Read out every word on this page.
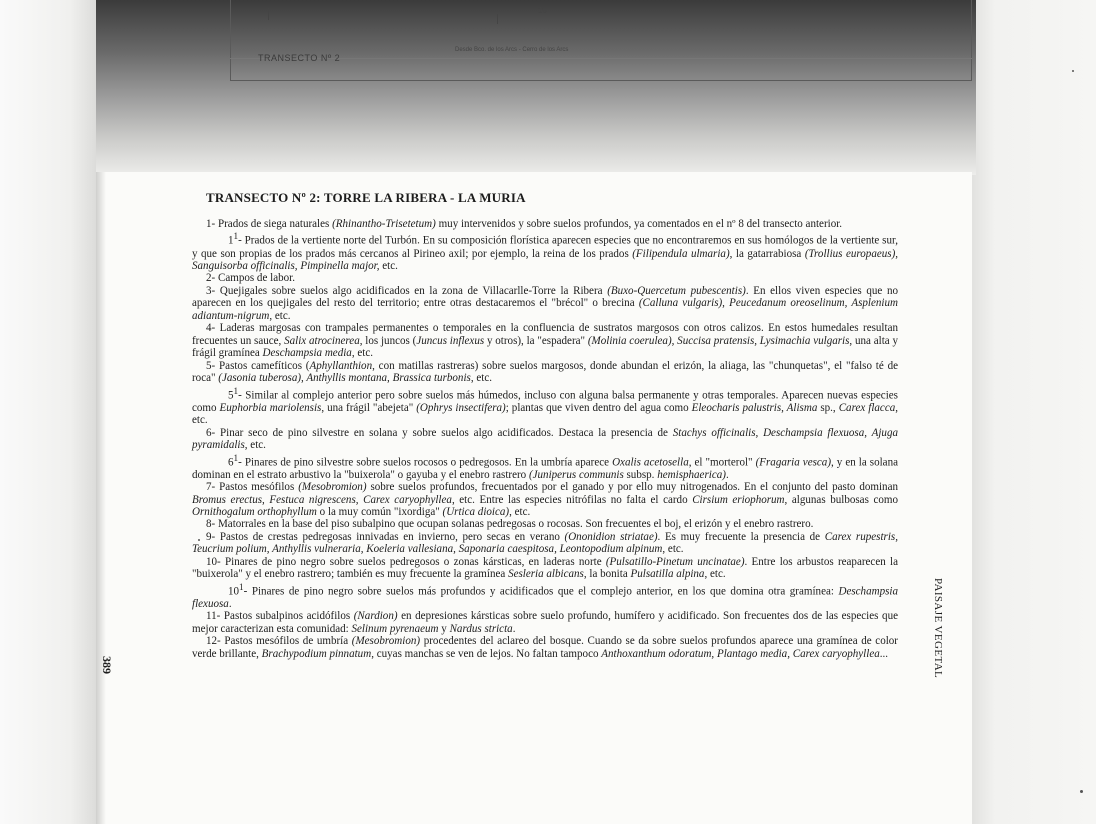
TRANSECTO Nº 2
Desde Bco. de los Arcs - Cerro de los Arcs
10
TRANSECTO Nº 2: TORRE LA RIBERA - LA MURIA

1- Prados de siega naturales (Rhinantho-Trisetetum) muy intervenidos y sobre suelos profundos, ya comentados en el nº 8 del transecto anterior.

$1^1-$ Prados de la vertiente norte del Turbón. En su composición florística aparecen especies que no encontraremos en sus homólogos de la vertiente sur, y que son propias de los prados más cercanos al Pirineo axil; por ejemplo, la reina de los prados (Filipendula ulmaria), la gatarrabiosa (Trollius europaeus), Sanguisorba officinalis, Pimpinella major, etc.

2- Campos de labor.

3- Quejigales sobre suelos algo acidificados en la zona de Villacarlle-Torre la Ribera (Buxo-Quercetum pubescentis). En ellos viven especies que no aparecen en los quejigales del resto del territorio; entre otras destacaremos el "brécol" o brecina (Calluna vulgaris), Peucedanum oreoselinum, Asplenium adiantum-nigrum, etc.

4- Laderas margosas con trampales permanentes o temporales en la confluencia de sustratos margosos con otros calizos. En estos humedales resultan frecuentes un sauce, Salix atrocinerea, los juncos (Juncus inflexus y otros), la "espadera" (Molinia coerulea), Succisa pratensis, Lysimachia vulgaris, una alta y frágil gramínea Deschampsia media, etc.

5- Pastos camefíticos (Aphyllanthion, con matillas rastreras) sobre suelos margosos, donde abundan el erizón, la aliaga, las "chunquetas", el "falso té de roca" (Jasonia tuberosa), Anthyllis montana, Brassica turbonis, etc.

$5^1-$ Similar al complejo anterior pero sobre suelos más húmedos, incluso con alguna balsa permanente y otras temporales. Aparecen nuevas especies como Euphorbia mariolensis, una frágil "abejeta" (Ophrys insectifera); plantas que viven dentro del agua como Eleocharis palustris, Alisma sp., Carex flacca, etc.

6- Pinar seco de pino silvestre en solana y sobre suelos algo acidificados. Destaca la presencia de Stachys officinalis, Deschampsia flexuosa, Ajuga pyramidalis, etc.

$6^1-$ Pinares de pino silvestre sobre suelos rocosos o pedregosos. En la umbría aparece Oxalis acetosella, el "morterol" (Fragaria vesca), y en la solana dominan en el estrato arbustivo la "buixerola" o gayuba y el enebro rastrero (Juniperus communis subsp. hemisphaerica).

7- Pastos mesófilos (Mesobromion) sobre suelos profundos, frecuentados por el ganado y por ello muy nitrogenados. En el conjunto del pasto dominan Bromus erectus, Festuca nigrescens, Carex caryophyllea, etc. Entre las especies nitrófilas no falta el cardo Cirsium eriophorum, algunas bulbosas como Ornithogalum orthophyllum o la muy común "ixordiga" (Urtica dioica), etc.

8- Matorrales en la base del piso subalpino que ocupan solanas pedregosas o rocosas. Son frecuentes el boj, el erizón y el enebro rastrero.

9- Pastos de crestas pedregosas innivadas en invierno, pero secas en verano (Ononidion striatae). Es muy frecuente la presencia de Carex rupestris, Teucrium polium, Anthyllis vulneraria, Koeleria vallesiana, Saponaria caespitosa, Leontopodium alpinum, etc.

10- Pinares de pino negro sobre suelos pedregosos o zonas kársticas, en laderas norte (Pulsatillo-Pinetum uncinatae). Entre los arbustos reaparecen la "buixerola" y el enebro rastrero; también es muy frecuente la gramínea Sesleria albicans, la bonita Pulsatilla alpina, etc.

$10^1-$ Pinares de pino negro sobre suelos más profundos y acidificados que el complejo anterior, en los que domina otra gramínea: Deschampsia flexuosa.

11- Pastos subalpinos acidófilos (Nardion) en depresiones kársticas sobre suelo profundo, humífero y acidificado. Son frecuentes dos de las especies que mejor caracterizan esta comunidad: Selinum pyrenaeum y Nardus stricta.

12- Pastos mesófilos de umbría (Mesobromion) procedentes del aclareo del bosque. Cuando se da sobre suelos profundos aparece una gramínea de color verde brillante, Brachypodium pinnatum, cuyas manchas se ven de lejos. No faltan tampoco Anthoxanthum odoratum, Plantago media, Carex caryophyllea...

389	PAISAJE VEGETAL
